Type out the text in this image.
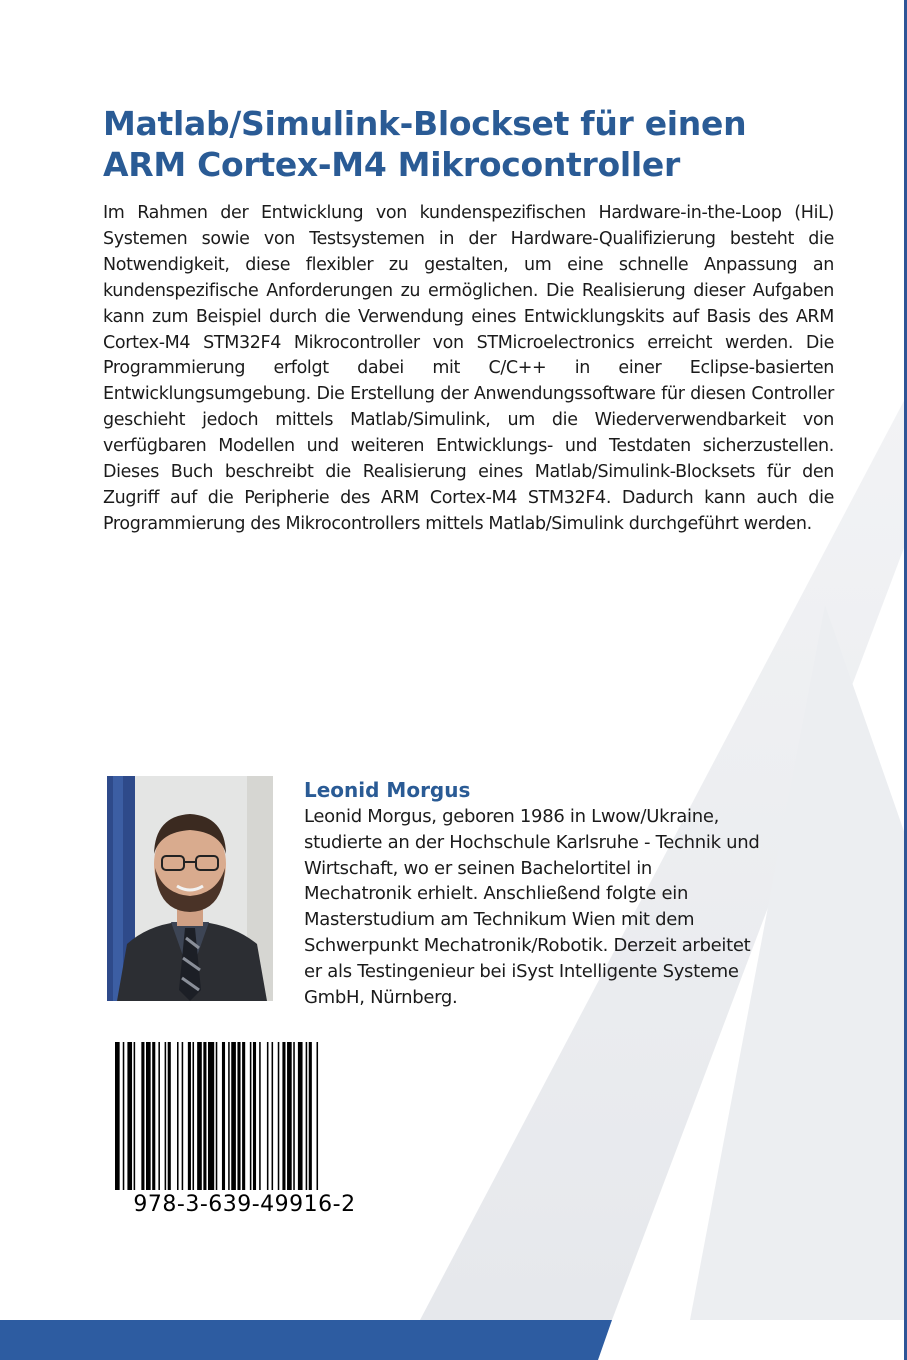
Matlab/Simulink-Blockset für einen
ARM Cortex-M4 Mikrocontroller

Im Rahmen der Entwicklung von kundenspezifischen Hardware-in-the-Loop (HiL) Systemen sowie von Testsystemen in der Hardware-Qualifizierung besteht die Notwendigkeit, diese flexibler zu gestalten, um eine schnelle Anpassung an kundenspezifische Anforderungen zu ermöglichen. Die Realisierung dieser Aufgaben kann zum Beispiel durch die Verwendung eines Entwicklungskits auf Basis des ARM Cortex-M4 STM32F4 Mikrocontroller von STMicroelectronics erreicht werden. Die Programmierung erfolgt dabei mit C/C++ in einer Eclipse-basierten Entwicklungsumgebung. Die Erstellung der Anwendungssoftware für diesen Controller geschieht jedoch mittels Matlab/Simulink, um die Wiederverwendbarkeit von verfügbaren Modellen und weiteren Entwicklungs- und Testdaten sicherzustellen. Dieses Buch beschreibt die Realisierung eines Matlab/Simulink-Blocksets für den Zugriff auf die Peripherie des ARM Cortex-M4 STM32F4. Dadurch kann auch die Programmierung des Mikrocontrollers mittels Matlab/Simulink durchgeführt werden.

Leonid Morgus

Leonid Morgus, geboren 1986 in Lwow/Ukraine,
studierte an der Hochschule Karlsruhe - Technik und
Wirtschaft, wo er seinen Bachelortitel in
Mechatronik erhielt. Anschließend folgte ein
Masterstudium am Technikum Wien mit dem
Schwerpunkt Mechatronik/Robotik. Derzeit arbeitet
er als Testingenieur bei iSyst Intelligente Systeme
GmbH, Nürnberg.

978-3-639-49916-2
